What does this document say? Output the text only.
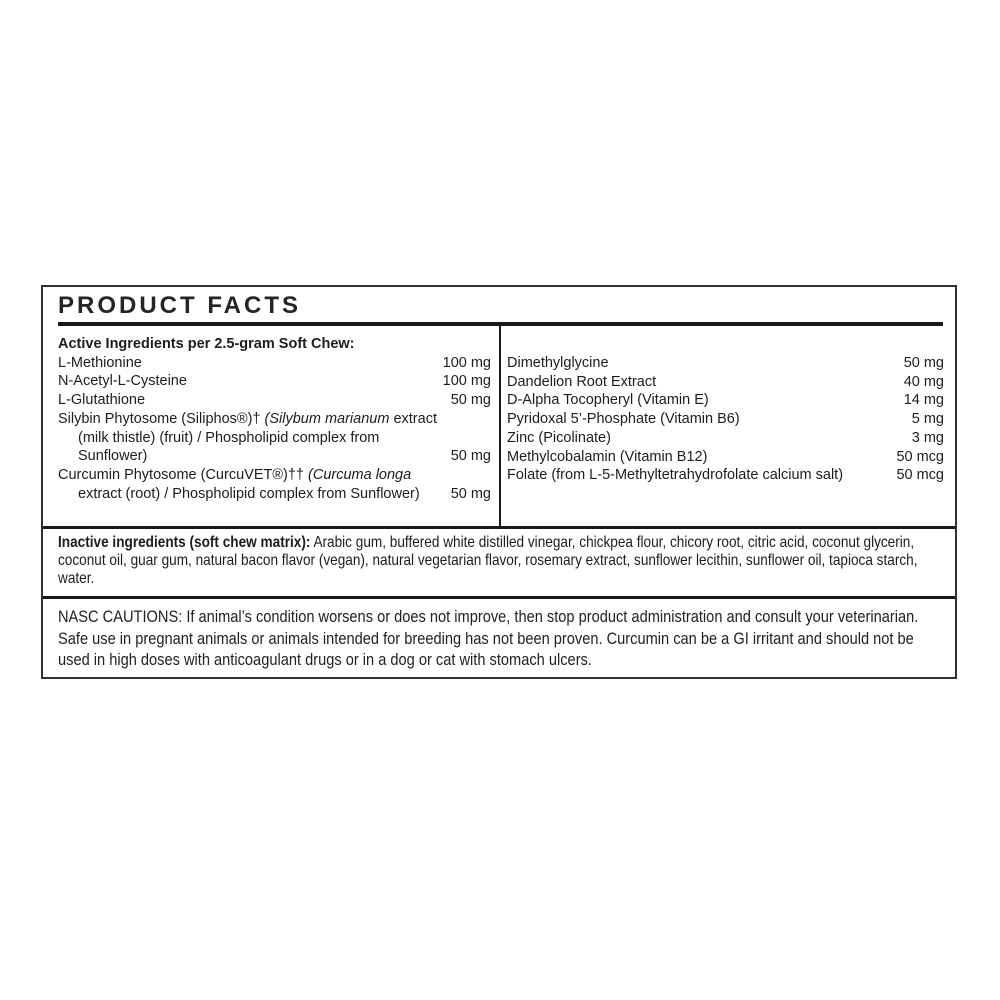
PRODUCT FACTS
Active Ingredients per 2.5-gram Soft Chew:
L-Methionine	100 mg
N-Acetyl-L-Cysteine	100 mg
L-Glutathione	50 mg
Silybin Phytosome (Siliphos®)† (Silybum marianum extract (milk thistle) (fruit) / Phospholipid complex from Sunflower)	50 mg
Curcumin Phytosome (CurcuVET®)†† (Curcuma longa extract (root) / Phospholipid complex from Sunflower)	50 mg
Dimethylglycine	50 mg
Dandelion Root Extract	40 mg
D-Alpha Tocopheryl (Vitamin E)	14 mg
Pyridoxal 5’-Phosphate (Vitamin B6)	5 mg
Zinc (Picolinate)	3 mg
Methylcobalamin (Vitamin B12)	50 mcg
Folate (from L-5-Methyltetrahydrofolate calcium salt)	50 mcg

Inactive ingredients (soft chew matrix): Arabic gum, buffered white distilled vinegar, chickpea flour, chicory root, citric acid, coconut glycerin, coconut oil, guar gum, natural bacon flavor (vegan), natural vegetarian flavor, rosemary extract, sunflower lecithin, sunflower oil, tapioca starch, water.

NASC CAUTIONS: If animal’s condition worsens or does not improve, then stop product administration and consult your veterinarian. Safe use in pregnant animals or animals intended for breeding has not been proven. Curcumin can be a GI irritant and should not be used in high doses with anticoagulant drugs or in a dog or cat with stomach ulcers.
